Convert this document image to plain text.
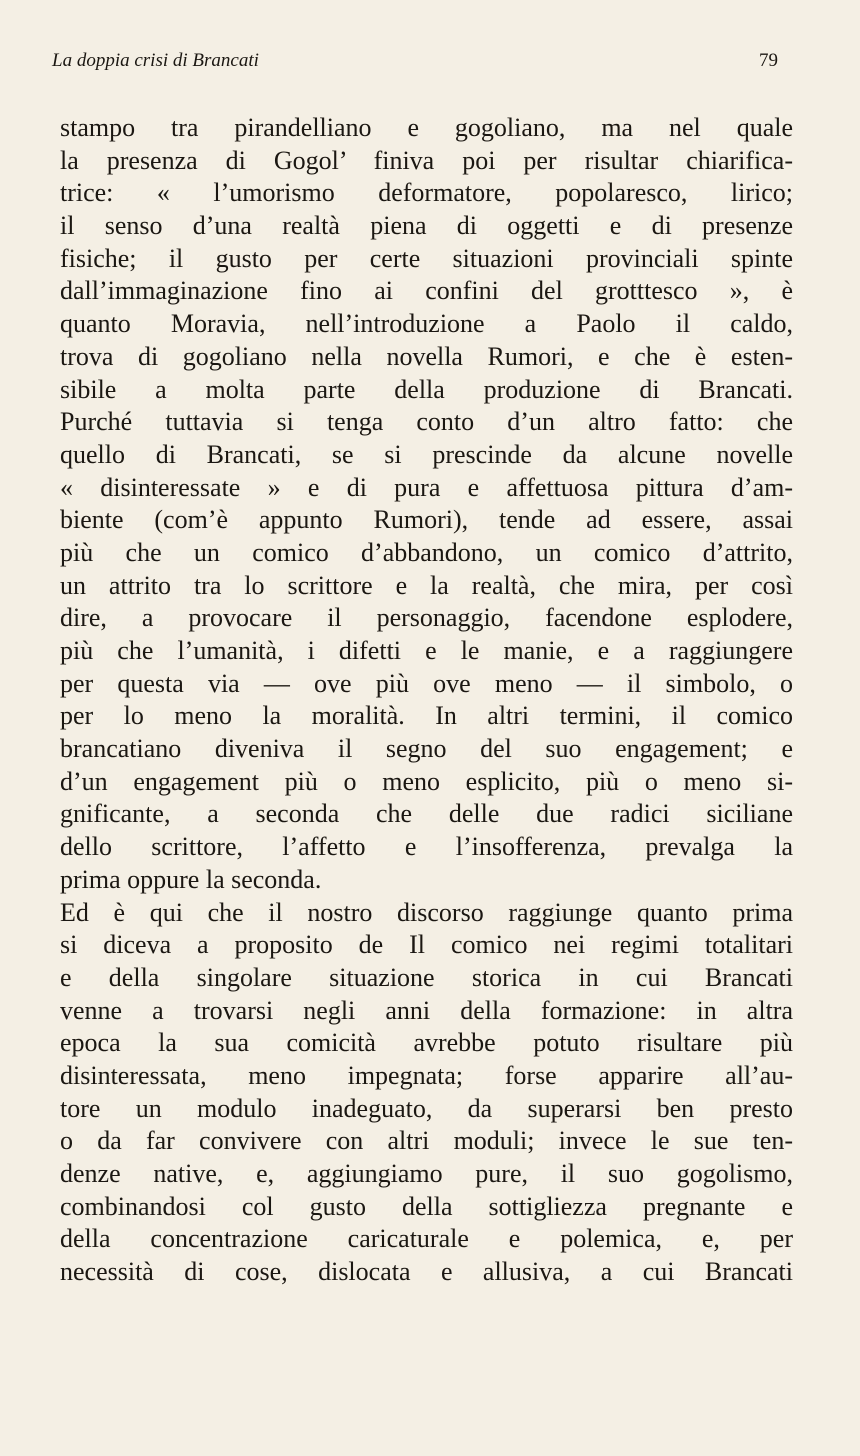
La doppia crisi di Brancati	79
stampo tra pirandelliano e gogoliano, ma nel quale
la presenza di Gogol’ finiva poi per risultar chiarifica-
trice: « l’umorismo deformatore, popolaresco, lirico;
il senso d’una realtà piena di oggetti e di presenze
fisiche; il gusto per certe situazioni provinciali spinte
dall’immaginazione fino ai confini del grotttesco », è
quanto Moravia, nell’introduzione a Paolo il caldo,
trova di gogoliano nella novella Rumori, e che è esten-
sibile a molta parte della produzione di Brancati.
Purché tuttavia si tenga conto d’un altro fatto: che
quello di Brancati, se si prescinde da alcune novelle
« disinteressate » e di pura e affettuosa pittura d’am-
biente (com’è appunto Rumori), tende ad essere, assai
più che un comico d’abbandono, un comico d’attrito,
un attrito tra lo scrittore e la realtà, che mira, per così
dire, a provocare il personaggio, facendone esplodere,
più che l’umanità, i difetti e le manie, e a raggiungere
per questa via — ove più ove meno — il simbolo, o
per lo meno la moralità. In altri termini, il comico
brancatiano diveniva il segno del suo engagement; e
d’un engagement più o meno esplicito, più o meno si-
gnificante, a seconda che delle due radici siciliane
dello scrittore, l’affetto e l’insofferenza, prevalga la
prima oppure la seconda.
Ed è qui che il nostro discorso raggiunge quanto prima
si diceva a proposito de Il comico nei regimi totalitari
e della singolare situazione storica in cui Brancati
venne a trovarsi negli anni della formazione: in altra
epoca la sua comicità avrebbe potuto risultare più
disinteressata, meno impegnata; forse apparire all’au-
tore un modulo inadeguato, da superarsi ben presto
o da far convivere con altri moduli; invece le sue ten-
denze native, e, aggiungiamo pure, il suo gogolismo,
combinandosi col gusto della sottigliezza pregnante e
della concentrazione caricaturale e polemica, e, per
necessità di cose, dislocata e allusiva, a cui Brancati
